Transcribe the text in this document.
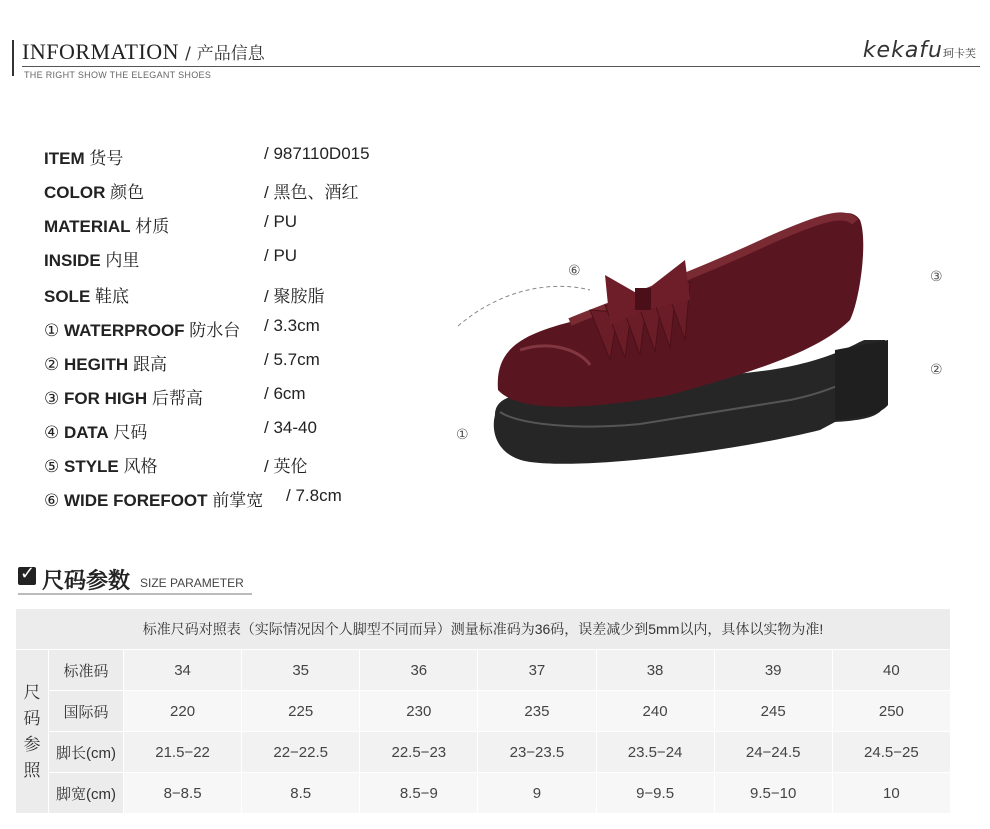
INFORMATION / 产品信息
THE RIGHT SHOW THE ELEGANT SHOES
kekafu珂卡芙
ITEM 货号	/ 987110D015
COLOR 颜色	/ 黑色、酒红
MATERIAL 材质	/ PU
INSIDE 内里	/ PU
SOLE 鞋底	/ 聚胺脂
① WATERPROOF 防水台 / 3.3cm
② HEGITH 跟高	/ 5.7cm
③ FOR HIGH 后帮高	/ 6cm
④ DATA 尺码	/ 34-40
⑤ STYLE 风格	/ 英伦
⑥ WIDE FOREFOOT 前掌宽 / 7.8cm
⑥	③
②
①
✓ 尺码参数 SIZE PARAMETER
标准尺码对照表（实际情况因个人脚型不同而异）测量标准码为36码，误差减少到5mm以内，具体以实物为准!								

尺
码
参
照	标准码	34	35	36	37	38	39	40
	国际码	220	225	230	235	240	245	250
	脚长(cm)	21.5−22	22−22.5	22.5−23	23−23.5	23.5−24	24−24.5	24.5−25
	脚宽(cm)	8−8.5	8.5	8.5−9	9	9−9.5	9.5−10	10
